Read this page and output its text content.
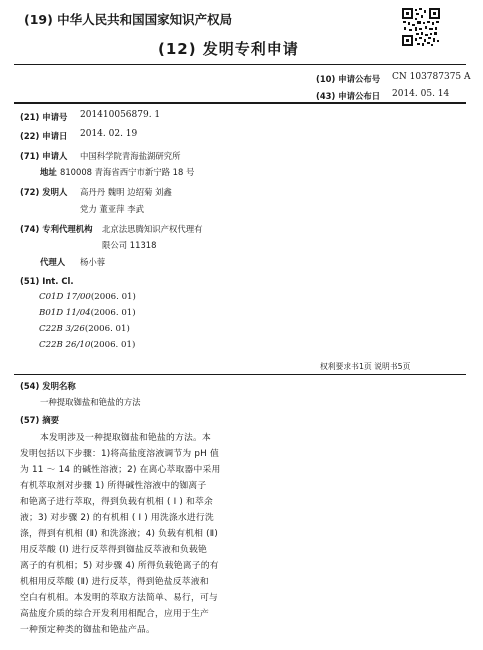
(19) 中华人民共和国国家知识产权局
(12) 发明专利申请
(10) 申请公布号 CN 103787375 A
(43) 申请公布日 2014. 05. 14
(21) 申请号 201410056879. 1
(22) 申请日 2014. 02. 19
(71) 申请人 中国科学院青海盐湖研究所
地址 810008 青海省西宁市新宁路 18 号
(72) 发明人 高丹丹 魏明 边绍菊 刘鑫
党力 董亚萍 李武
(74) 专利代理机构 北京法思腾知识产权代理有
限公司 11318
代理人 杨小蓉
(51) Int. Cl.
C01D 17/00(2006. 01)
B01D 11/04(2006. 01)
C22B 3/26(2006. 01)
C22B 26/10(2006. 01)
权利要求书1页 说明书5页
(54) 发明名称
一种提取铷盐和铯盐的方法
(57) 摘要
本发明涉及一种提取铷盐和铯盐的方法。本
发明包括以下步骤：1)将高盐度溶液调节为 pH 值
为 11 ～ 14 的碱性溶液；2) 在离心萃取器中采用
有机萃取剂对步骤 1) 所得碱性溶液中的铷离子
和铯离子进行萃取，得到负载有机相 ( Ⅰ ) 和萃余
液；3) 对步骤 2) 的有机相 ( Ⅰ ) 用洗涤水进行洗
涤，得到有机相 (Ⅱ) 和洗涤液；4) 负载有机相 (Ⅱ)
用反萃酸 (Ⅰ) 进行反萃得到铷盐反萃液和负载铯
离子的有机相；5) 对步骤 4) 所得负载铯离子的有
机相用反萃酸 (Ⅱ) 进行反萃，得到铯盐反萃液和
空白有机相。本发明的萃取方法简单、易行，可与
高盐度介质的综合开发利用相配合，应用于生产
一种预定种类的铷盐和铯盐产品。
